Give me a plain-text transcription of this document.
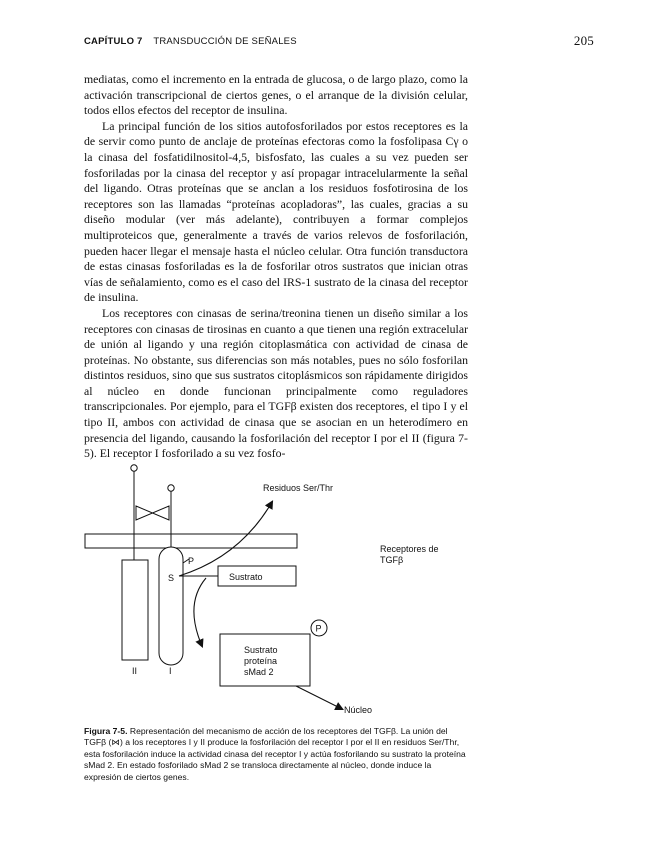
CAPÍTULO 7 TRANSDUCCIÓN DE SEÑALES	205

mediatas, como el incremento en la entrada de glucosa, o de largo plazo, como la activación transcripcional de ciertos genes, o el arranque de la división celular, todos ellos efectos del receptor de insulina.

La principal función de los sitios autofosforilados por estos receptores es la de servir como punto de anclaje de proteínas efectoras como la fosfolipasa Cγ o la cinasa del fosfatidilnositol-4,5, bisfosfato, las cuales a su vez pueden ser fosforiladas por la cinasa del receptor y así propagar intracelularmente la señal del ligando. Otras proteínas que se anclan a los residuos fosfotirosina de los receptores son las llamadas “proteínas acopladoras”, las cuales, gracias a su diseño modular (ver más adelante), contribuyen a formar complejos multiproteicos que, generalmente a través de varios relevos de fosforilación, pueden hacer llegar el mensaje hasta el núcleo celular. Otra función transductora de estas cinasas fosforiladas es la de fosforilar otros sustratos que inician otras vías de señalamiento, como es el caso del IRS-1 sustrato de la cinasa del receptor de insulina.

Los receptores con cinasas de serina/treonina tienen un diseño similar a los receptores con cinasas de tirosinas en cuanto a que tienen una región extracelular de unión al ligando y una región citoplasmática con actividad de cinasa de proteínas. No obstante, sus diferencias son más notables, pues no sólo fosforilan distintos residuos, sino que sus sustratos citoplásmicos son rápidamente dirigidos al núcleo en donde funcionan principalmente como reguladores transcripcionales. Por ejemplo, para el TGFβ existen dos receptores, el tipo I y el tipo II, ambos con actividad de cinasa que se asocian en un heterodímero en presencia del ligando, causando la fosforilación del receptor I por el II (figura 7-5). El receptor I fosforilado a su vez fosfo-

P
S	Sustrato
Sustrato
proteína
sMad 2
P
Núcleo
Residuos Ser/Thr
Receptores de
TGFβ
II	I
Figura 7-5. Representación del mecanismo de acción de los receptores del TGFβ. La unión del TGFβ (⋈) a los receptores I y II produce la fosforilación del receptor I por el II en residuos Ser/Thr, esta fosforilación induce la actividad cinasa del receptor I y actúa fosforilando su sustrato la proteína sMad 2. En estado fosforilado sMad 2 se transloca directamente al núcleo, donde induce la expresión de ciertos genes.
